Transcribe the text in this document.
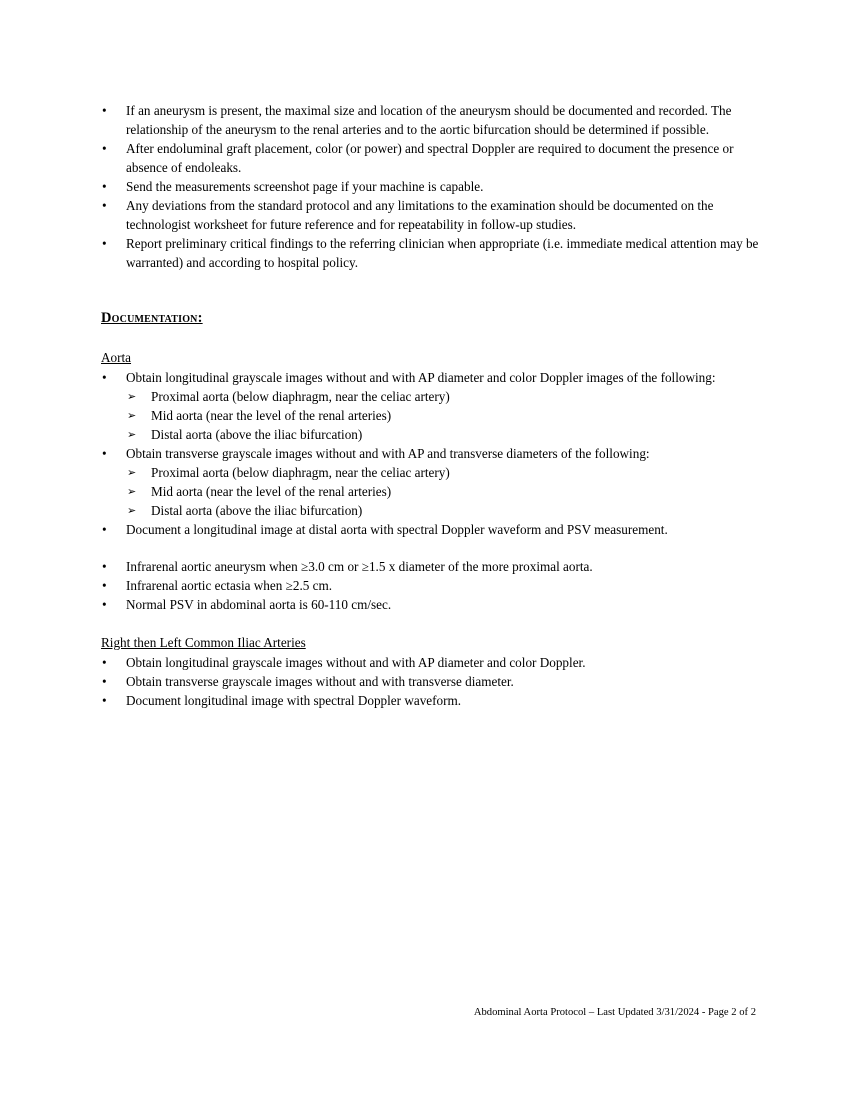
•	If an aneurysm is present, the maximal size and location of the aneurysm should be documented and recorded. The relationship of the aneurysm to the renal arteries and to the aortic bifurcation should be determined if possible.
•	After endoluminal graft placement, color (or power) and spectral Doppler are required to document the presence or absence of endoleaks.
•	Send the measurements screenshot page if your machine is capable.
•	Any deviations from the standard protocol and any limitations to the examination should be documented on the technologist worksheet for future reference and for repeatability in follow-up studies.
•	Report preliminary critical findings to the referring clinician when appropriate (i.e. immediate medical attention may be warranted) and according to hospital policy.
Documentation:
Aorta
•	Obtain longitudinal grayscale images without and with AP diameter and color Doppler images of the following:
➢ Proximal aorta (below diaphragm, near the celiac artery)
➢ Mid aorta (near the level of the renal arteries)
➢ Distal aorta (above the iliac bifurcation)
•	Obtain transverse grayscale images without and with AP and transverse diameters of the following:
➢ Proximal aorta (below diaphragm, near the celiac artery)
➢ Mid aorta (near the level of the renal arteries)
➢ Distal aorta (above the iliac bifurcation)
•	Document a longitudinal image at distal aorta with spectral Doppler waveform and PSV measurement.
•	Infrarenal aortic aneurysm when ≥3.0 cm or ≥1.5 x diameter of the more proximal aorta.
•	Infrarenal aortic ectasia when ≥2.5 cm.
•	Normal PSV in abdominal aorta is 60-110 cm/sec.
Right then Left Common Iliac Arteries
•	Obtain longitudinal grayscale images without and with AP diameter and color Doppler.
•	Obtain transverse grayscale images without and with transverse diameter.
•	Document longitudinal image with spectral Doppler waveform.
Abdominal Aorta Protocol – Last Updated 3/31/2024 - Page 2 of 2
